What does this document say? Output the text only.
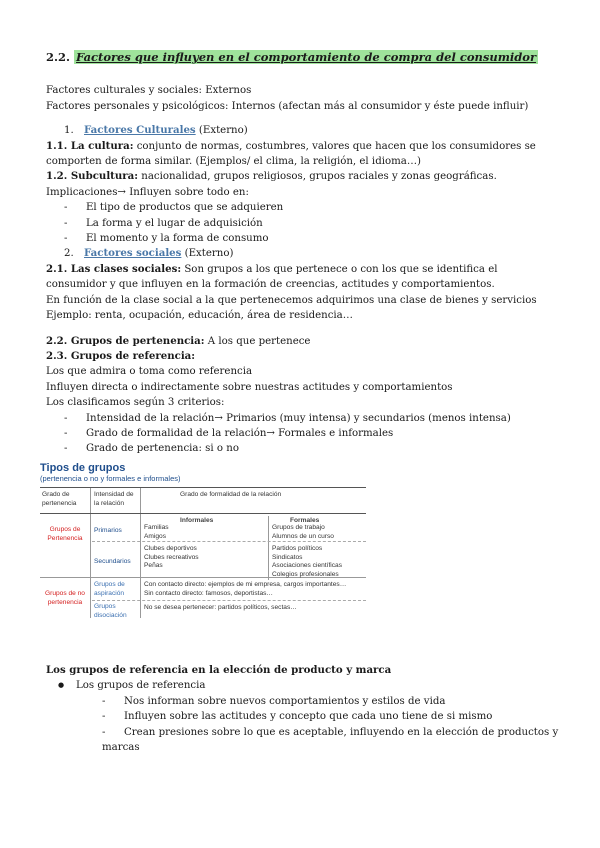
2.2. Factores que influyen en el comportamiento de compra del consumidor

Factores culturales y sociales: Externos

Factores personales y psicológicos: Internos (afectan más al consumidor y éste puede influir)

1. Factores Culturales (Externo)

1.1. La cultura: conjunto de normas, costumbres, valores que hacen que los consumidores se comporten de forma similar. (Ejemplos/ el clima, la religión, el idioma…)

1.2. Subcultura: nacionalidad, grupos religiosos, grupos raciales y zonas geográficas.

Implicaciones→ Influyen sobre todo en:

- El tipo de productos que se adquieren
- La forma y el lugar de adquisición
- El momento y la forma de consumo
2. Factores sociales (Externo)

2.1. Las clases sociales: Son grupos a los que pertenece o con los que se identifica el consumidor y que influyen en la formación de creencias, actitudes y comportamientos.

En función de la clase social a la que pertenecemos adquirimos una clase de bienes y servicios

Ejemplo: renta, ocupación, educación, área de residencia…

2.2. Grupos de pertenencia: A los que pertenece

2.3. Grupos de referencia:

Los que admira o toma como referencia

Influyen directa o indirectamente sobre nuestras actitudes y comportamientos

Los clasificamos según 3 criterios:

- Intensidad de la relación→ Primarios (muy intensa) y secundarios (menos intensa)
- Grado de formalidad de la relación→ Formales e informales
- Grado de pertenencia: si o no
Tipos de grupos
(pertenencia o no y formales e informales)
Grado de pertenencia
Intensidad de la relación
Grado de formalidad de la relación
Informales	Formales
Grupos de Pertenencia
Grupos de no pertenencia
Primarios
Secundarios
Grupos de aspiración
Grupos disociación
Familias
Amigos
Grupos de trabajo
Alumnos de un curso
Clubes deportivos
Clubes recreativos
Peñas
Partidos políticos
Sindicatos
Asociaciones científicas
Colegios profesionales
Con contacto directo: ejemplos de mi empresa, cargos importantes…
Sin contacto directo: famosos, deportistas…
No se desea pertenecer: partidos políticos, sectas…

Los grupos de referencia en la elección de producto y marca

● Los grupos de referencia
- Nos informan sobre nuevos comportamientos y estilos de vida
- Influyen sobre las actitudes y concepto que cada uno tiene de si mismo
- Crean presiones sobre lo que es aceptable, influyendo en la elección de productos y marcas
